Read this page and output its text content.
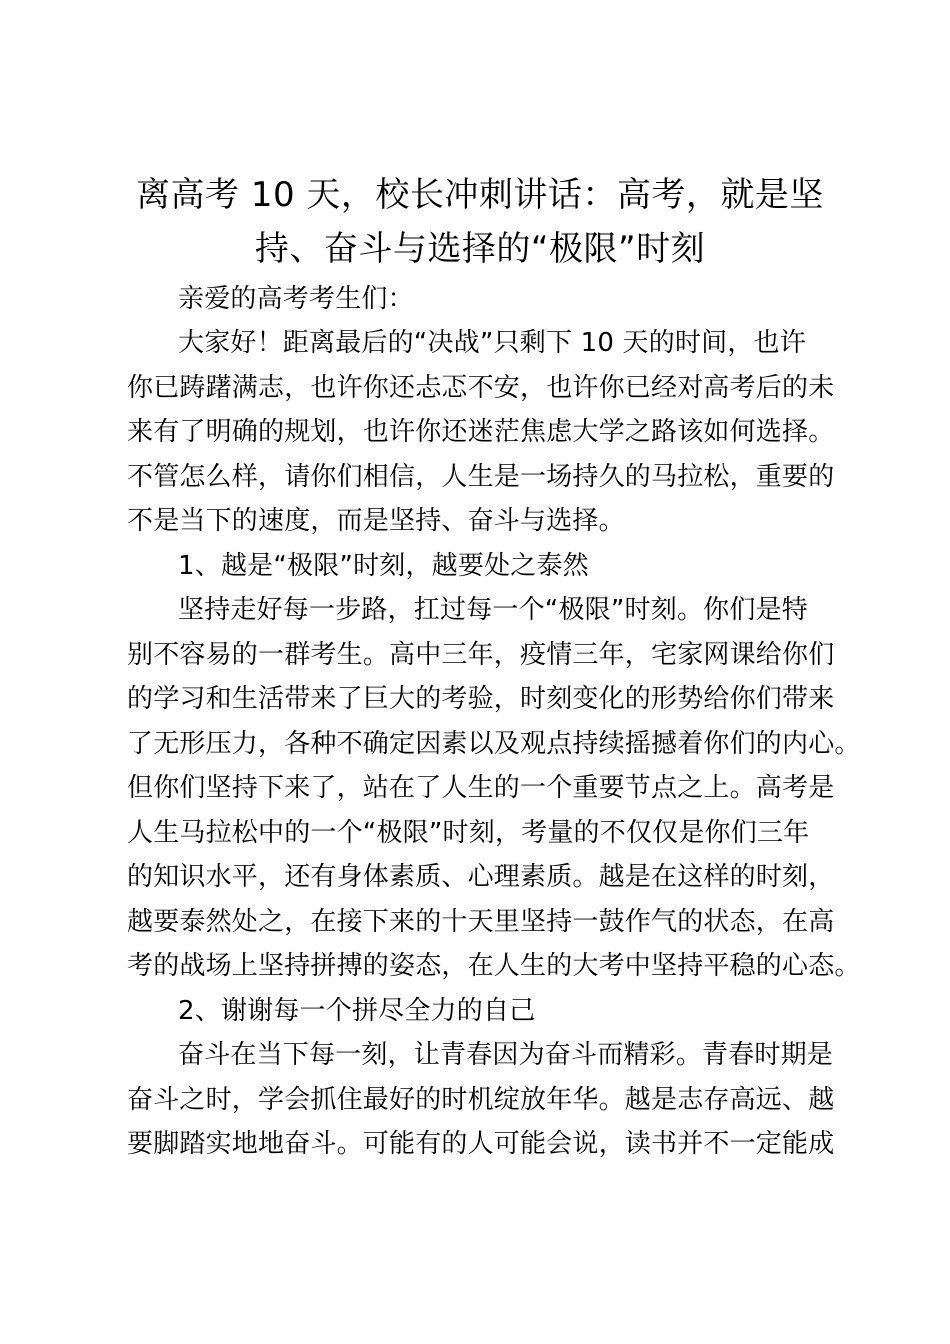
离高考 10 天，校长冲刺讲话：高考，就是坚
持、奋斗与选择的“极限”时刻
亲爱的高考考生们：
大家好！距离最后的“决战”只剩下 10 天的时间，也许
你已踌躇满志，也许你还忐忑不安，也许你已经对高考后的未
来有了明确的规划，也许你还迷茫焦虑大学之路该如何选择。
不管怎么样，请你们相信，人生是一场持久的马拉松，重要的
不是当下的速度，而是坚持、奋斗与选择。
1、越是“极限”时刻，越要处之泰然
坚持走好每一步路，扛过每一个“极限”时刻。你们是特
别不容易的一群考生。高中三年，疫情三年，宅家网课给你们
的学习和生活带来了巨大的考验，时刻变化的形势给你们带来
了无形压力，各种不确定因素以及观点持续摇撼着你们的内心。
但你们坚持下来了，站在了人生的一个重要节点之上。高考是
人生马拉松中的一个“极限”时刻，考量的不仅仅是你们三年
的知识水平，还有身体素质、心理素质。越是在这样的时刻，
越要泰然处之，在接下来的十天里坚持一鼓作气的状态，在高
考的战场上坚持拼搏的姿态，在人生的大考中坚持平稳的心态。
2、谢谢每一个拼尽全力的自己
奋斗在当下每一刻，让青春因为奋斗而精彩。青春时期是
奋斗之时，学会抓住最好的时机绽放年华。越是志存高远、越
要脚踏实地地奋斗。可能有的人可能会说，读书并不一定能成
